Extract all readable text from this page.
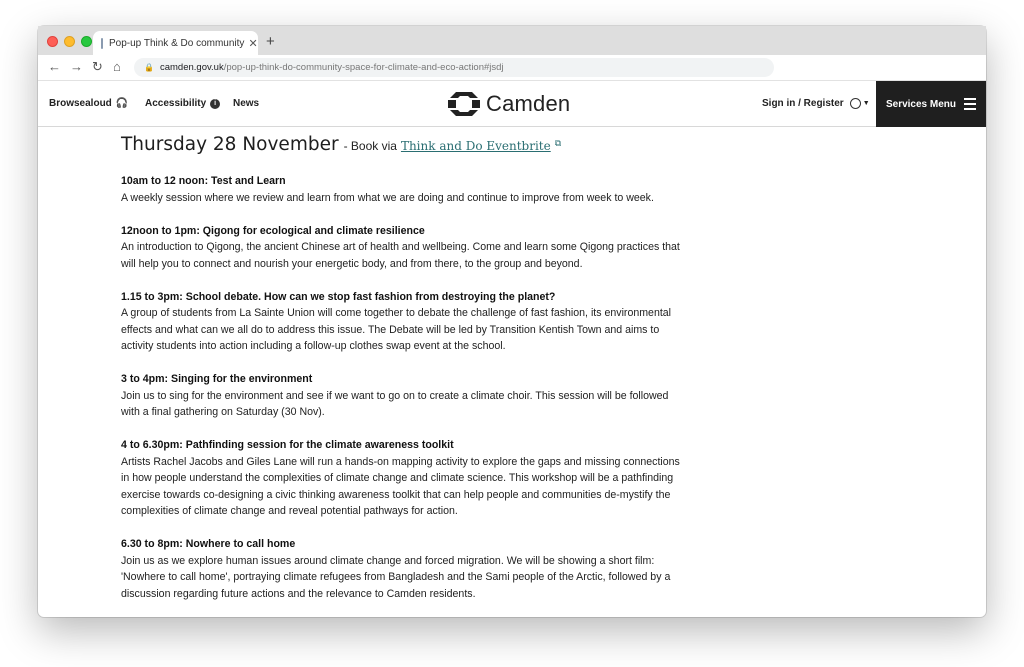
Pop-up Think & Do community ✕ +
← → ↻ ⌂	🔒 camden.gov.uk /pop-up-think-do-community-space-for-climate-and-eco-action#jsdj
Browsealoud 🎧 Accessibility	i	News	Camden	Sign in / Register	▼ Services Menu
Thursday 28 November - Book via Think and Do Eventbrite ⧉
10am to 12 noon: Test and Learn

A weekly session where we review and learn from what we are doing and continue to improve from week to week.

12noon to 1pm: Qigong for ecological and climate resilience

An introduction to Qigong, the ancient Chinese art of health and wellbeing. Come and learn some Qigong practices that

will help you to connect and nourish your energetic body, and from there, to the group and beyond.

1.15 to 3pm: School debate. How can we stop fast fashion from destroying the planet?

A group of students from La Sainte Union will come together to debate the challenge of fast fashion, its environmental

effects and what can we all do to address this issue. The Debate will be led by Transition Kentish Town and aims to

activity students into action including a follow-up clothes swap event at the school.

3 to 4pm: Singing for the environment

Join us to sing for the environment and see if we want to go on to create a climate choir. This session will be followed

with a final gathering on Saturday (30 Nov).

4 to 6.30pm: Pathfinding session for the climate awareness toolkit

Artists Rachel Jacobs and Giles Lane will run a hands-on mapping activity to explore the gaps and missing connections

in how people understand the complexities of climate change and climate science. This workshop will be a pathfinding

exercise towards co-designing a civic thinking awareness toolkit that can help people and communities de-mystify the

complexities of climate change and reveal potential pathways for action.

6.30 to 8pm: Nowhere to call home

Join us as we explore human issues around climate change and forced migration. We will be showing a short film:

'Nowhere to call home', portraying climate refugees from Bangladesh and the Sami people of the Arctic, followed by a

discussion regarding future actions and the relevance to Camden residents.
